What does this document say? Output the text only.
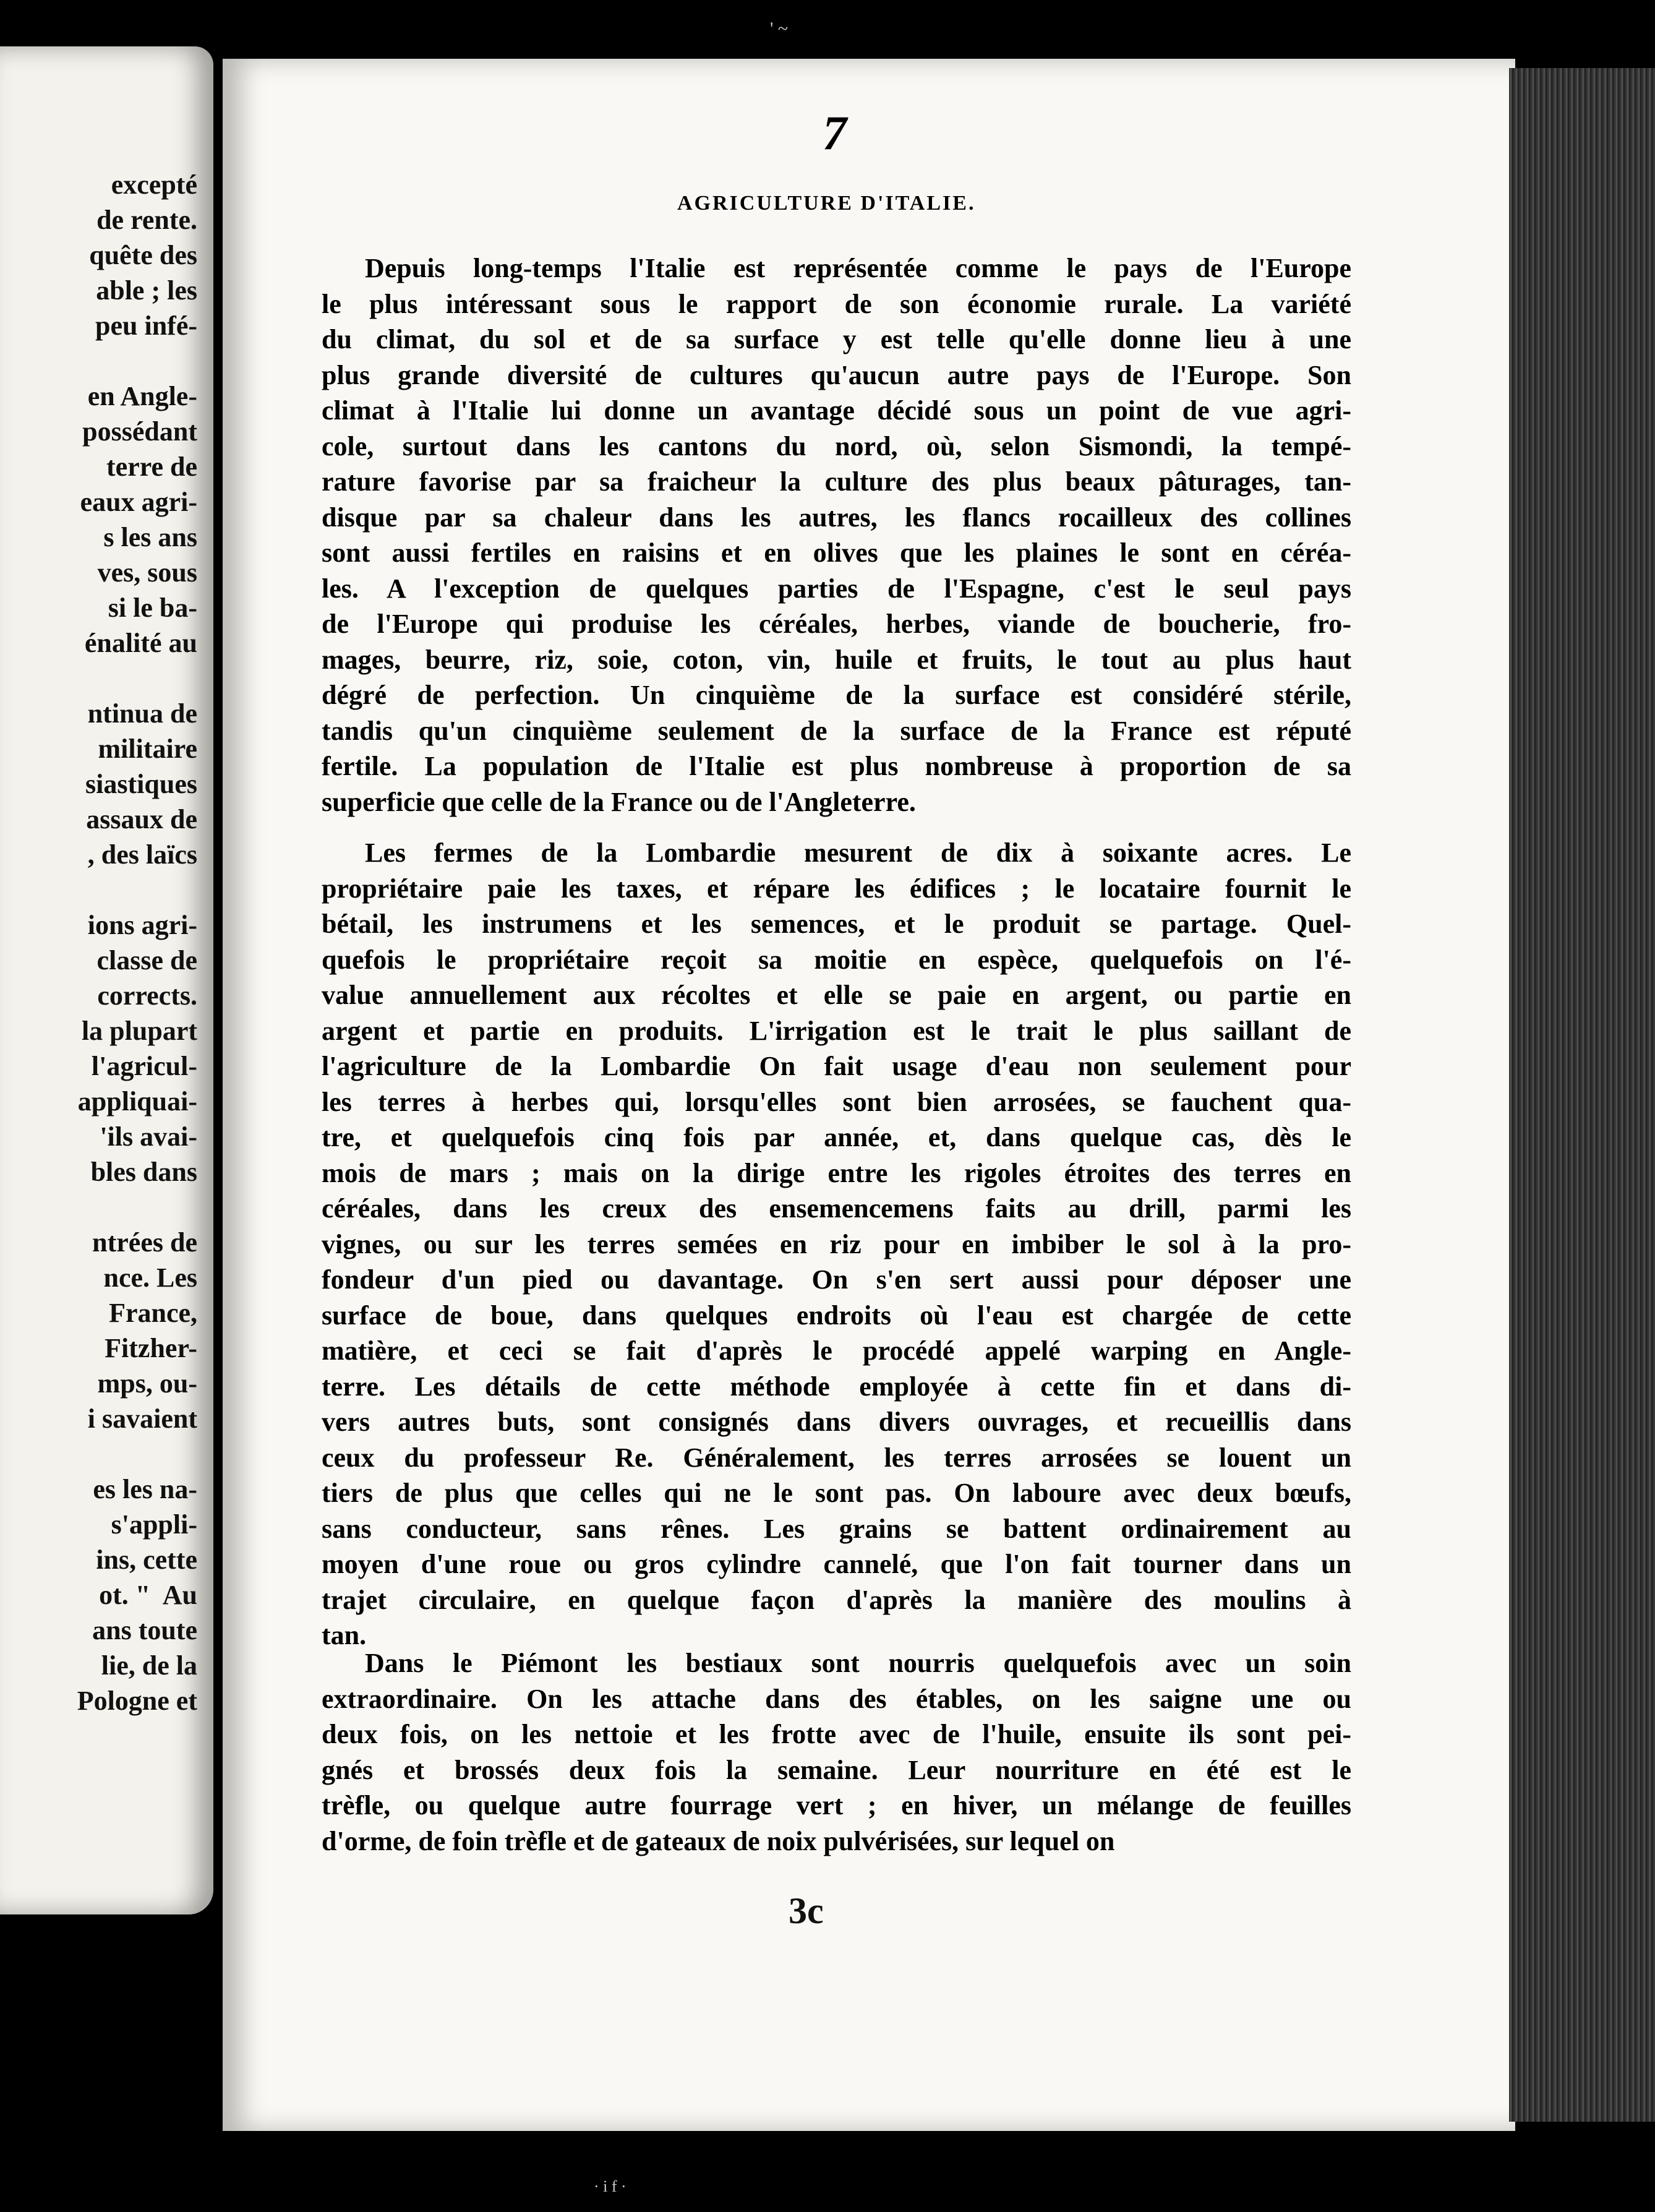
excepté
de rente.
quête des
able ; les
peu infé-
en Angle-
possédant
terre de
eaux agri-
s les ans
ves, sous
si le ba-
énalité au
ntinua de
militaire
siastiques
assaux de
, des laïcs
ions agri-
classe de
corrects.
la plupart
l'agricul-
appliquai-
'ils avai-
bles dans
ntrées de
nce. Les
France,
Fitzher-
mps, ou-
i savaient
es les na-
s'appli-
ins, cette
ot. "  Au
ans toute
lie, de la
Pologne et
' ~
7
AGRICULTURE D'ITALIE.
Depuis long-temps l'Italie est représentée comme le pays de l'Europe
le plus intéressant sous le rapport de son économie rurale. La variété
du climat, du sol et de sa surface y est telle qu'elle donne lieu à une
plus grande diversité de cultures qu'aucun autre pays de l'Europe. Son
climat à l'Italie lui donne un avantage décidé sous un point de vue agri-
cole, surtout dans les cantons du nord, où, selon Sismondi, la tempé-
rature favorise par sa fraicheur la culture des plus beaux pâturages, tan-
disque par sa chaleur dans les autres, les flancs rocailleux des collines
sont aussi fertiles en raisins et en olives que les plaines le sont en céréa-
les. A l'exception de quelques parties de l'Espagne, c'est le seul pays
de l'Europe qui produise les céréales, herbes, viande de boucherie, fro-
mages, beurre, riz, soie, coton, vin, huile et fruits, le tout au plus haut
dégré de perfection. Un cinquième de la surface est considéré stérile,
tandis qu'un cinquième seulement de la surface de la France est réputé
fertile. La population de l'Italie est plus nombreuse à proportion de sa
superficie que celle de la France ou de l'Angleterre.
Les fermes de la Lombardie mesurent de dix à soixante acres. Le
propriétaire paie les taxes, et répare les édifices ; le locataire fournit le
bétail, les instrumens et les semences, et le produit se partage. Quel-
quefois le propriétaire reçoit sa moitie en espèce, quelquefois on l'é-
value annuellement aux récoltes et elle se paie en argent, ou partie en
argent et partie en produits. L'irrigation est le trait le plus saillant de
l'agriculture de la Lombardie On fait usage d'eau non seulement pour
les terres à herbes qui, lorsqu'elles sont bien arrosées, se fauchent qua-
tre, et quelquefois cinq fois par année, et, dans quelque cas, dès le
mois de mars ; mais on la dirige entre les rigoles étroites des terres en
céréales, dans les creux des ensemencemens faits au drill, parmi les
vignes, ou sur les terres semées en riz pour en imbiber le sol à la pro-
fondeur d'un pied ou davantage. On s'en sert aussi pour déposer une
surface de boue, dans quelques endroits où l'eau est chargée de cette
matière, et ceci se fait d'après le procédé appelé warping en Angle-
terre. Les détails de cette méthode employée à cette fin et dans di-
vers autres buts, sont consignés dans divers ouvrages, et recueillis dans
ceux du professeur Re. Généralement, les terres arrosées se louent un
tiers de plus que celles qui ne le sont pas. On laboure avec deux bœufs,
sans conducteur, sans rênes. Les grains se battent ordinairement au
moyen d'une roue ou gros cylindre cannelé, que l'on fait tourner dans un
trajet circulaire, en quelque façon d'après la manière des moulins à
tan.
Dans le Piémont les bestiaux sont nourris quelquefois avec un soin
extraordinaire. On les attache dans des étables, on les saigne une ou
deux fois, on les nettoie et les frotte avec de l'huile, ensuite ils sont pei-
gnés et brossés deux fois la semaine. Leur nourriture en été est le
trèfle, ou quelque autre fourrage vert ; en hiver, un mélange de feuilles
d'orme, de foin trèfle et de gateaux de noix pulvérisées, sur lequel on
3c
· i f ·
